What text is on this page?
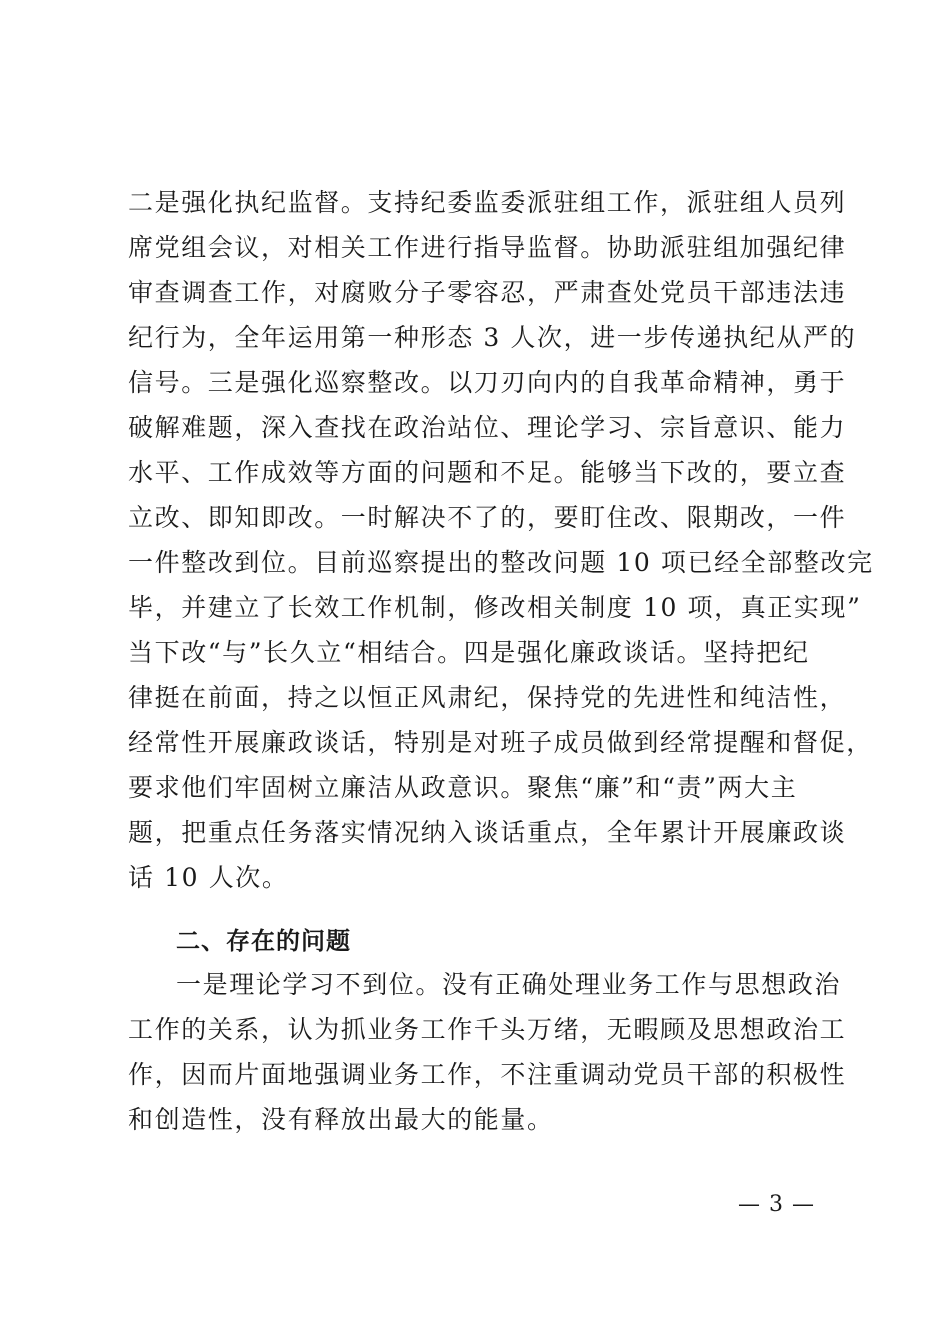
二是强化执纪监督。支持纪委监委派驻组工作，派驻组人员列
席党组会议，对相关工作进行指导监督。协助派驻组加强纪律
审查调查工作，对腐败分子零容忍，严肃查处党员干部违法违
纪行为，全年运用第一种形态 3 人次，进一步传递执纪从严的
信号。三是强化巡察整改。以刀刃向内的自我革命精神，勇于
破解难题，深入查找在政治站位、理论学习、宗旨意识、能力
水平、工作成效等方面的问题和不足。能够当下改的，要立查
立改、即知即改。一时解决不了的，要盯住改、限期改，一件
一件整改到位。目前巡察提出的整改问题 10 项已经全部整改完
毕，并建立了长效工作机制，修改相关制度 10 项，真正实现”
当下改“与”长久立“相结合。四是强化廉政谈话。坚持把纪
律挺在前面，持之以恒正风肃纪，保持党的先进性和纯洁性，
经常性开展廉政谈话，特别是对班子成员做到经常提醒和督促，
要求他们牢固树立廉洁从政意识。聚焦“廉”和“责”两大主
题，把重点任务落实情况纳入谈话重点，全年累计开展廉政谈
话 10 人次。
二、存在的问题
一是理论学习不到位。没有正确处理业务工作与思想政治
工作的关系，认为抓业务工作千头万绪，无暇顾及思想政治工
作，因而片面地强调业务工作，不注重调动党员干部的积极性
和创造性，没有释放出最大的能量。
— 3 —
